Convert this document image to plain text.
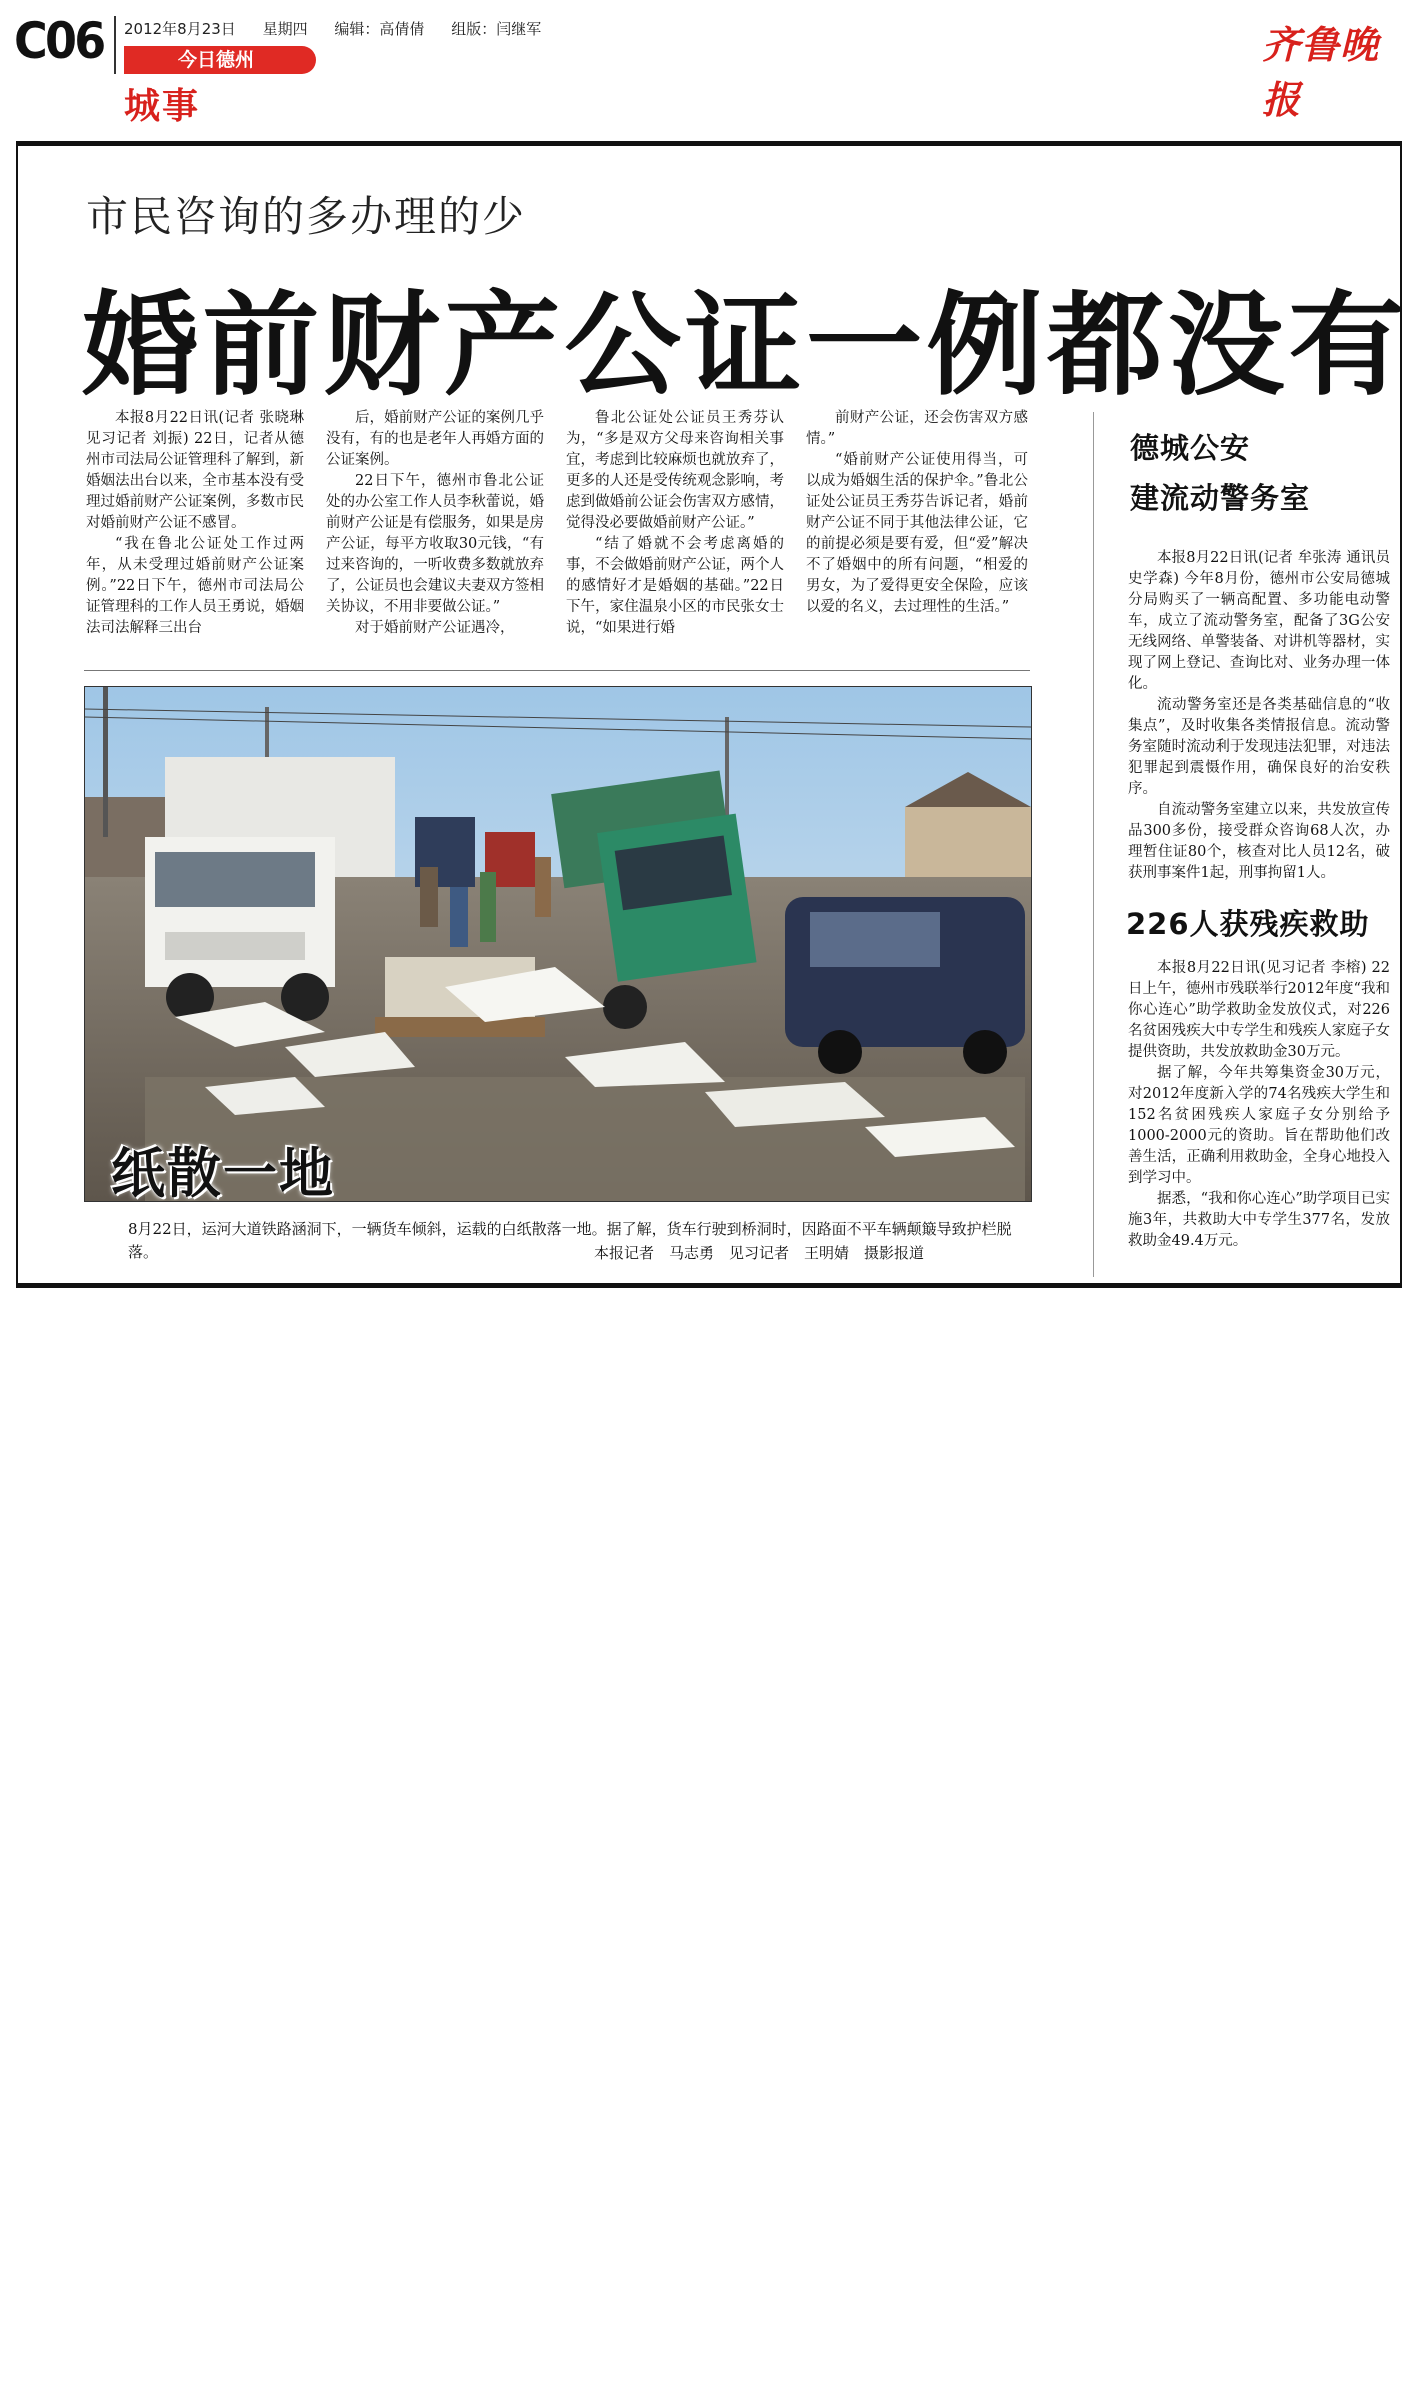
C06 2012年8月23日 星期四 编辑：高倩倩 组版：闫继军
今日德州
城事
齐鲁晚报
市民咨询的多办理的少
婚前财产公证一例都没有

本报8月22日讯(记者 张晓琳 见习记者 刘振) 22日，记者从德州市司法局公证管理科了解到，新婚姻法出台以来，全市基本没有受理过婚前财产公证案例，多数市民对婚前财产公证不感冒。

“我在鲁北公证处工作过两年，从未受理过婚前财产公证案例。”22日下午，德州市司法局公证管理科的工作人员王勇说，婚姻法司法解释三出台

后，婚前财产公证的案例几乎没有，有的也是老年人再婚方面的公证案例。

22日下午，德州市鲁北公证处的办公室工作人员李秋蕾说，婚前财产公证是有偿服务，如果是房产公证，每平方收取30元钱，“有过来咨询的，一听收费多数就放弃了，公证员也会建议夫妻双方签相关协议，不用非要做公证。”

对于婚前财产公证遇冷，

鲁北公证处公证员王秀芬认为，“多是双方父母来咨询相关事宜，考虑到比较麻烦也就放弃了，更多的人还是受传统观念影响，考虑到做婚前公证会伤害双方感情，觉得没必要做婚前财产公证。”

“结了婚就不会考虑离婚的事，不会做婚前财产公证，两个人的感情好才是婚姻的基础。”22日下午，家住温泉小区的市民张女士说，“如果进行婚

前财产公证，还会伤害双方感情。”

“婚前财产公证使用得当，可以成为婚姻生活的保护伞。”鲁北公证处公证员王秀芬告诉记者，婚前财产公证不同于其他法律公证，它的前提必须是要有爱，但“爱”解决不了婚姻中的所有问题，“相爱的男女，为了爱得更安全保险，应该以爱的名义，去过理性的生活。”

纸散一地
8月22日，运河大道铁路涵洞下，一辆货车倾斜，运载的白纸散落一地。据了解，货车行驶到桥洞时，因路面不平车辆颠簸导致护栏脱落。	本报记者　马志勇　见习记者　王明婧　摄影报道
德城公安
建流动警务室

本报8月22日讯(记者 牟张涛 通讯员 史学森) 今年8月份，德州市公安局德城分局购买了一辆高配置、多功能电动警车，成立了流动警务室，配备了3G公安无线网络、单警装备、对讲机等器材，实现了网上登记、查询比对、业务办理一体化。

流动警务室还是各类基础信息的“收集点”，及时收集各类情报信息。流动警务室随时流动利于发现违法犯罪，对违法犯罪起到震慑作用，确保良好的治安秩序。

自流动警务室建立以来，共发放宣传品300多份，接受群众咨询68人次，办理暂住证80个，核查对比人员12名，破获刑事案件1起，刑事拘留1人。

226人获残疾救助

本报8月22日讯(见习记者 李榕) 22日上午，德州市残联举行2012年度“我和你心连心”助学救助金发放仪式，对226名贫困残疾大中专学生和残疾人家庭子女提供资助，共发放救助金30万元。

据了解，今年共筹集资金30万元，对2012年度新入学的74名残疾大学生和152名贫困残疾人家庭子女分别给予1000-2000元的资助。旨在帮助他们改善生活，正确利用救助金，全身心地投入到学习中。

据悉，“我和你心连心”助学项目已实施3年，共救助大中专学生377名，发放救助金49.4万元。
